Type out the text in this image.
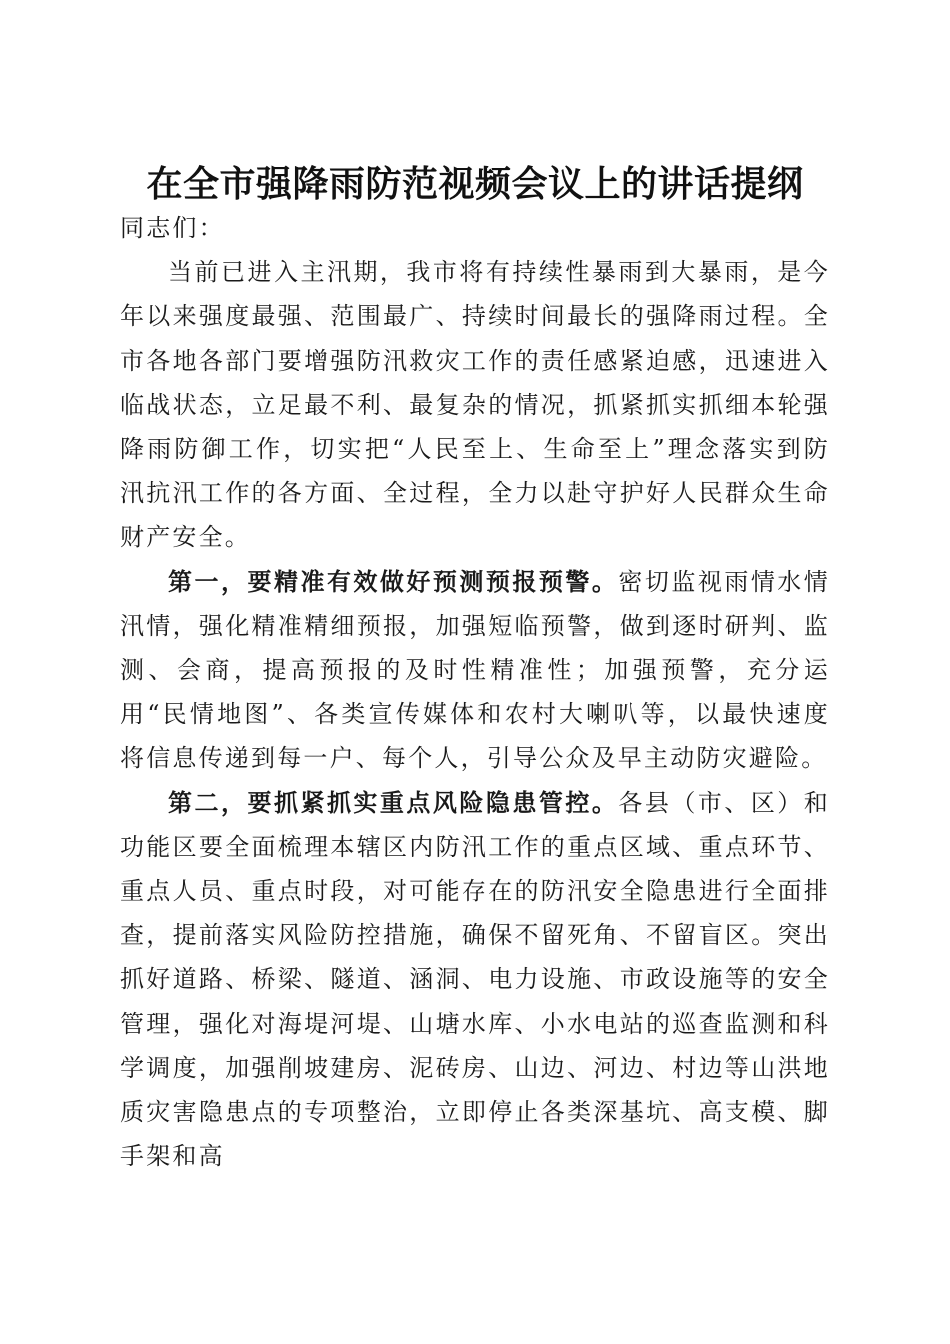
在全市强降雨防范视频会议上的讲话提纲

同志们：

当前已进入主汛期，我市将有持续性暴雨到大暴雨，是今年以来强度最强、范围最广、持续时间最长的强降雨过程。全市各地各部门要增强防汛救灾工作的责任感紧迫感，迅速进入临战状态，立足最不利、最复杂的情况，抓紧抓实抓细本轮强降雨防御工作，切实把“人民至上、生命至上”理念落实到防汛抗汛工作的各方面、全过程，全力以赴守护好人民群众生命财产安全。

第一，要精准有效做好预测预报预警。密切监视雨情水情汛情，强化精准精细预报，加强短临预警，做到逐时研判、监测、会商，提高预报的及时性精准性；加强预警，充分运用“民情地图”、各类宣传媒体和农村大喇叭等，以最快速度将信息传递到每一户、每个人，引导公众及早主动防灾避险。

第二，要抓紧抓实重点风险隐患管控。各县（市、区）和功能区要全面梳理本辖区内防汛工作的重点区域、重点环节、重点人员、重点时段，对可能存在的防汛安全隐患进行全面排查，提前落实风险防控措施，确保不留死角、不留盲区。突出抓好道路、桥梁、隧道、涵洞、电力设施、市政设施等的安全管理，强化对海堤河堤、山塘水库、小水电站的巡查监测和科学调度，加强削坡建房、泥砖房、山边、河边、村边等山洪地质灾害隐患点的专项整治，立即停止各类深基坑、高支模、脚手架和高
